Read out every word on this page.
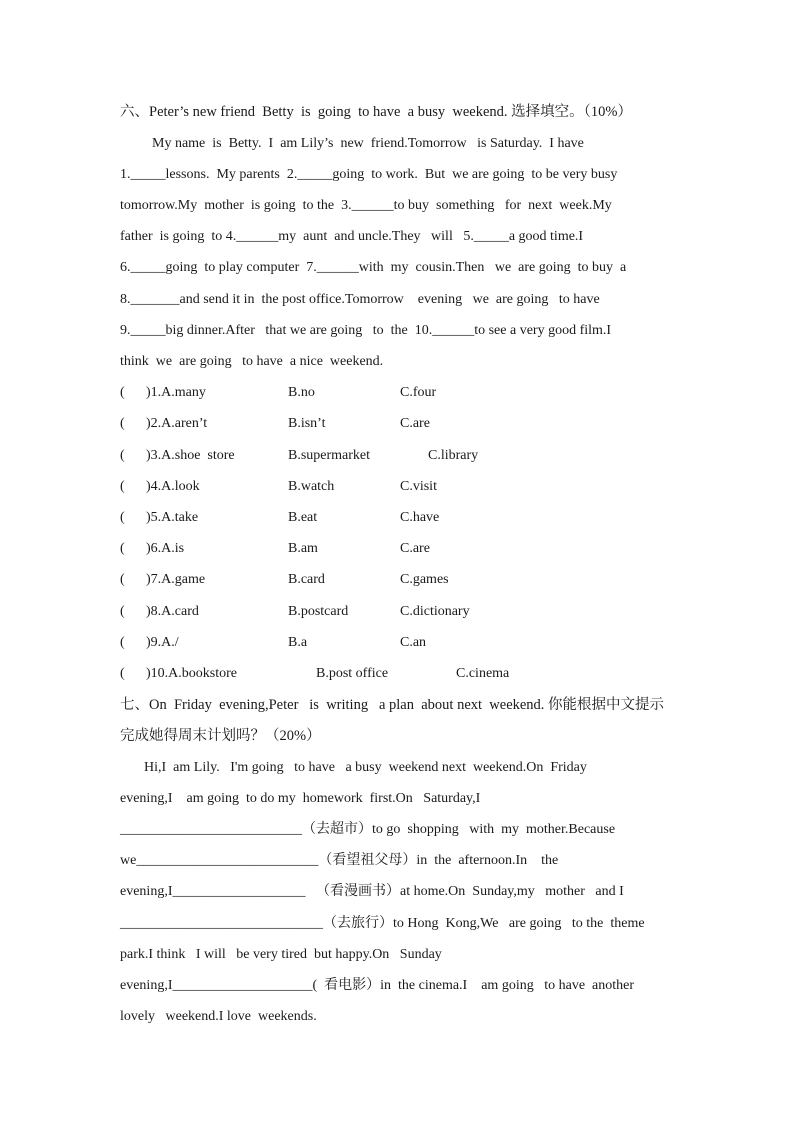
六、Peter’s new friend  Betty  is  going  to have  a busy  weekend. 选择填空。（10%）
My name  is  Betty.  I  am Lily’s  new  friend.Tomorrow   is Saturday.  I have
1._____lessons.  My parents  2._____going  to work.  But  we are going  to be very busy
tomorrow.My  mother  is going  to the  3.______to buy  something   for  next  week.My
father  is going  to 4.______my  aunt  and uncle.They   will   5._____a good time.I
6._____going  to play computer  7.______with  my  cousin.Then   we  are going  to buy  a
8._______and send it in  the post office.Tomorrow    evening   we  are going   to have
9._____big dinner.After   that we are going   to  the  10.______to see a very good film.I
think  we  are going   to have  a nice  weekend.
( )1.A.many	B.no	C.four
( )2.A.aren’t	B.isn’t	C.are
( )3.A.shoe  store	B.supermarket	C.library
( )4.A.look	B.watch	C.visit
( )5.A.take	B.eat	C.have
( )6.A.is	B.am	C.are
( )7.A.game	B.card	C.games
( )8.A.card	B.postcard	C.dictionary
( )9.A./	B.a	C.an
( )10.A.bookstore	B.post office	C.cinema
七、On  Friday  evening,Peter   is  writing   a plan  about next  weekend. 你能根据中文提示
完成她得周末计划吗？（20%）
Hi,I  am Lily.   I'm going   to have   a busy  weekend next  weekend.On  Friday
evening,I    am going  to do my  homework  first.On   Saturday,I
__________________________（去超市）to go  shopping   with  my  mother.Because
we__________________________（看望祖父母）in  the  afternoon.In    the
evening,I___________________   （看漫画书）at home.On  Sunday,my   mother   and I
_____________________________（去旅行）to Hong  Kong,We   are going   to the  theme
park.I think   I will   be very tired  but happy.On   Sunday
evening,I____________________(  看电影）in  the cinema.I    am going   to have  another
lovely   weekend.I love  weekends.
